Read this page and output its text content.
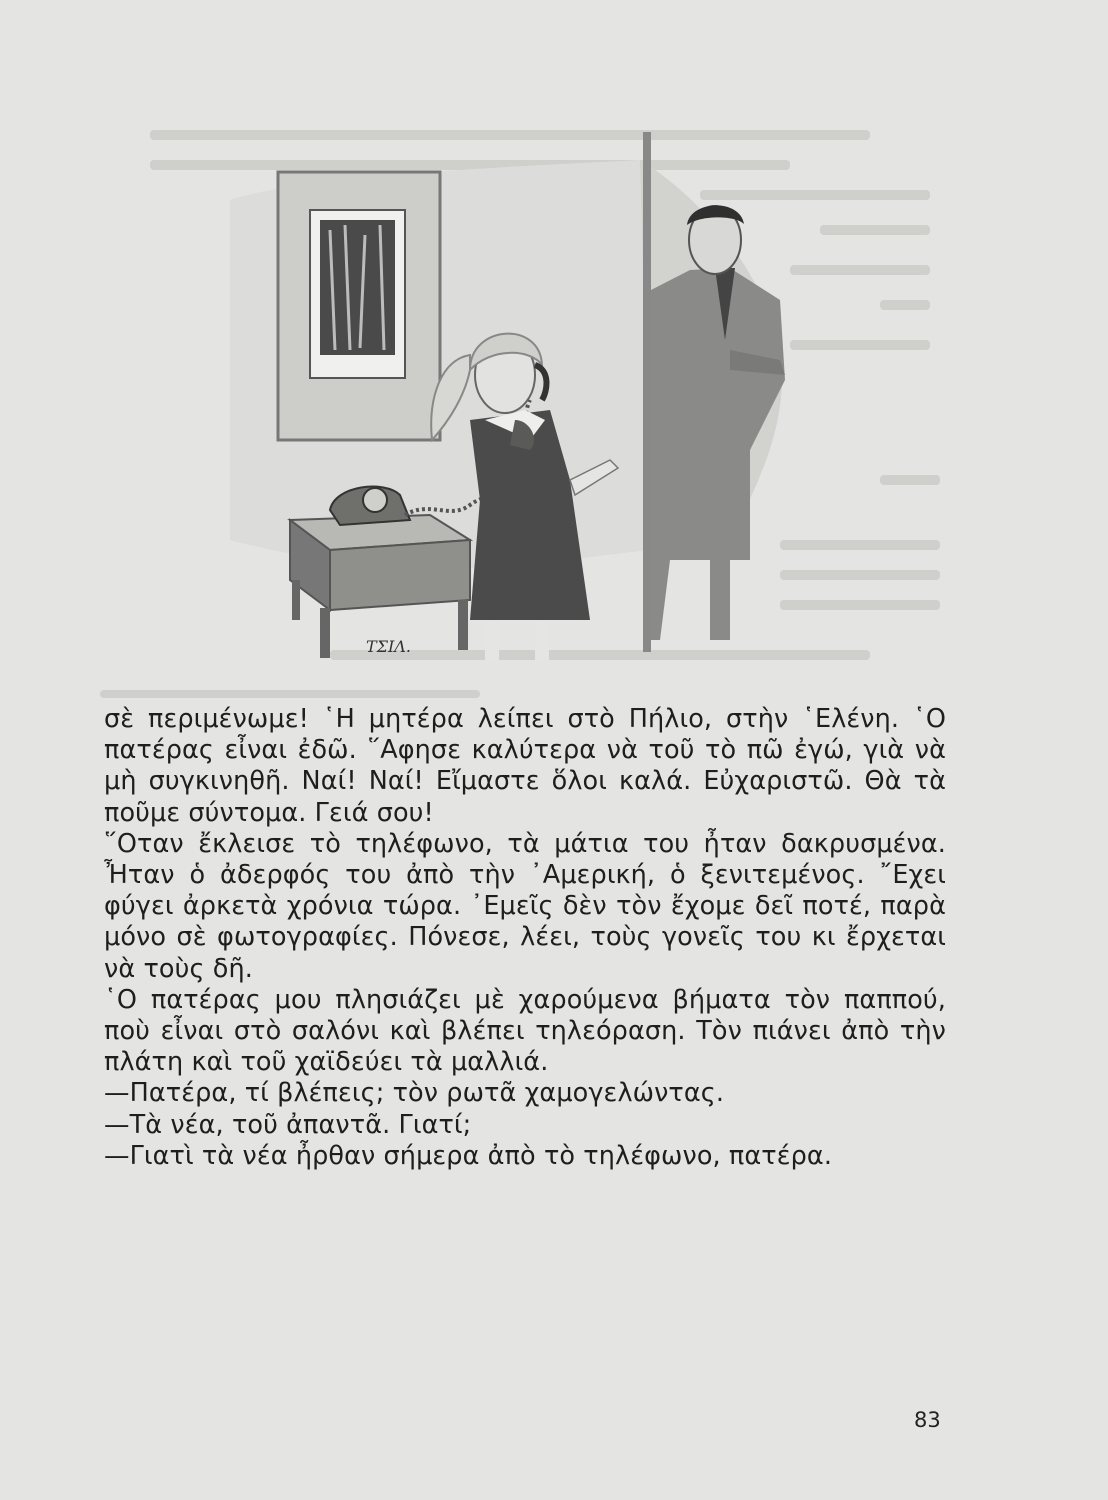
ΤΣΙΛ.

σὲ περιμένωμε! ῾Η μητέρα λείπει στὸ Πήλιο, στὴν ῾Ελένη. ῾Ο πατέρας εἶναι ἐδῶ. ῞Αφησε καλύτερα νὰ τοῦ τὸ πῶ ἐγώ, γιὰ νὰ μὴ συγκινηθῆ. Ναί! Ναί! Εἴμαστε ὅλοι καλά. Εὐχαριστῶ. Θὰ τὰ ποῦμε σύντομα. Γειά σου!

῞Οταν ἔκλεισε τὸ τηλέφωνο, τὰ μάτια του ἦταν δακρυσμένα. Ἦταν ὁ ἀδερφός του ἀπὸ τὴν ᾿Αμερική, ὁ ξενιτεμένος. ῎Εχει φύγει ἀρκετὰ χρόνια τώρα. ᾿Εμεῖς δὲν τὸν ἔχομε δεῖ ποτέ, παρὰ μόνο σὲ φωτογραφίες. Πόνεσε, λέει, τοὺς γονεῖς του κι ἔρχεται νὰ τοὺς δῆ.

῾Ο πατέρας μου πλησιάζει μὲ χαρούμενα βήματα τὸν παππού, ποὺ εἶναι στὸ σαλόνι καὶ βλέπει τηλεόραση. Τὸν πιάνει ἀπὸ τὴν πλάτη καὶ τοῦ χαϊδεύει τὰ μαλλιά.

—Πατέρα, τί βλέπεις; τὸν ρωτᾶ χαμογελώντας.

—Τὰ νέα, τοῦ ἀπαντᾶ. Γιατί;

—Γιατὶ τὰ νέα ἦρθαν σήμερα ἀπὸ τὸ τηλέφωνο, πατέρα.

83
